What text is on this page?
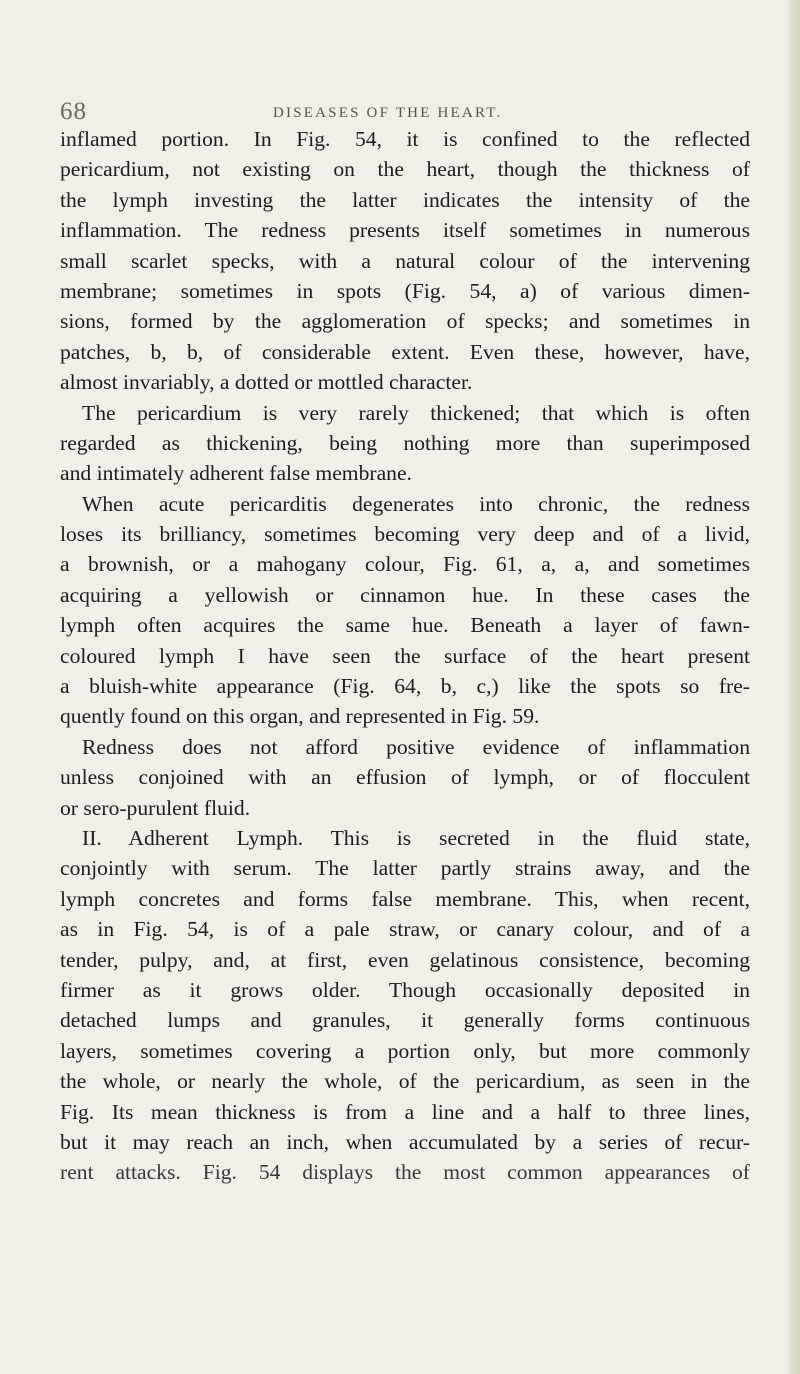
68	DISEASES OF THE HEART.
inflamed portion. In Fig. 54, it is confined to the reflected
pericardium, not existing on the heart, though the thickness of
the lymph investing the latter indicates the intensity of the
inflammation. The redness presents itself sometimes in numerous
small scarlet specks, with a natural colour of the intervening
membrane; sometimes in spots (Fig. 54, a) of various dimen-
sions, formed by the agglomeration of specks; and sometimes in
patches, b, b, of considerable extent. Even these, however, have,
almost invariably, a dotted or mottled character.
The pericardium is very rarely thickened; that which is often
regarded as thickening, being nothing more than superimposed
and intimately adherent false membrane.
When acute pericarditis degenerates into chronic, the redness
loses its brilliancy, sometimes becoming very deep and of a livid,
a brownish, or a mahogany colour, Fig. 61, a, a, and sometimes
acquiring a yellowish or cinnamon hue. In these cases the
lymph often acquires the same hue. Beneath a layer of fawn-
coloured lymph I have seen the surface of the heart present
a bluish-white appearance (Fig. 64, b, c,) like the spots so fre-
quently found on this organ, and represented in Fig. 59.
Redness does not afford positive evidence of inflammation
unless conjoined with an effusion of lymph, or of flocculent
or sero-purulent fluid.
II. Adherent Lymph. This is secreted in the fluid state,
conjointly with serum. The latter partly strains away, and the
lymph concretes and forms false membrane. This, when recent,
as in Fig. 54, is of a pale straw, or canary colour, and of a
tender, pulpy, and, at first, even gelatinous consistence, becoming
firmer as it grows older. Though occasionally deposited in
detached lumps and granules, it generally forms continuous
layers, sometimes covering a portion only, but more commonly
the whole, or nearly the whole, of the pericardium, as seen in the
Fig. Its mean thickness is from a line and a half to three lines,
but it may reach an inch, when accumulated by a series of recur-
rent attacks. Fig. 54 displays the most common appearances of
